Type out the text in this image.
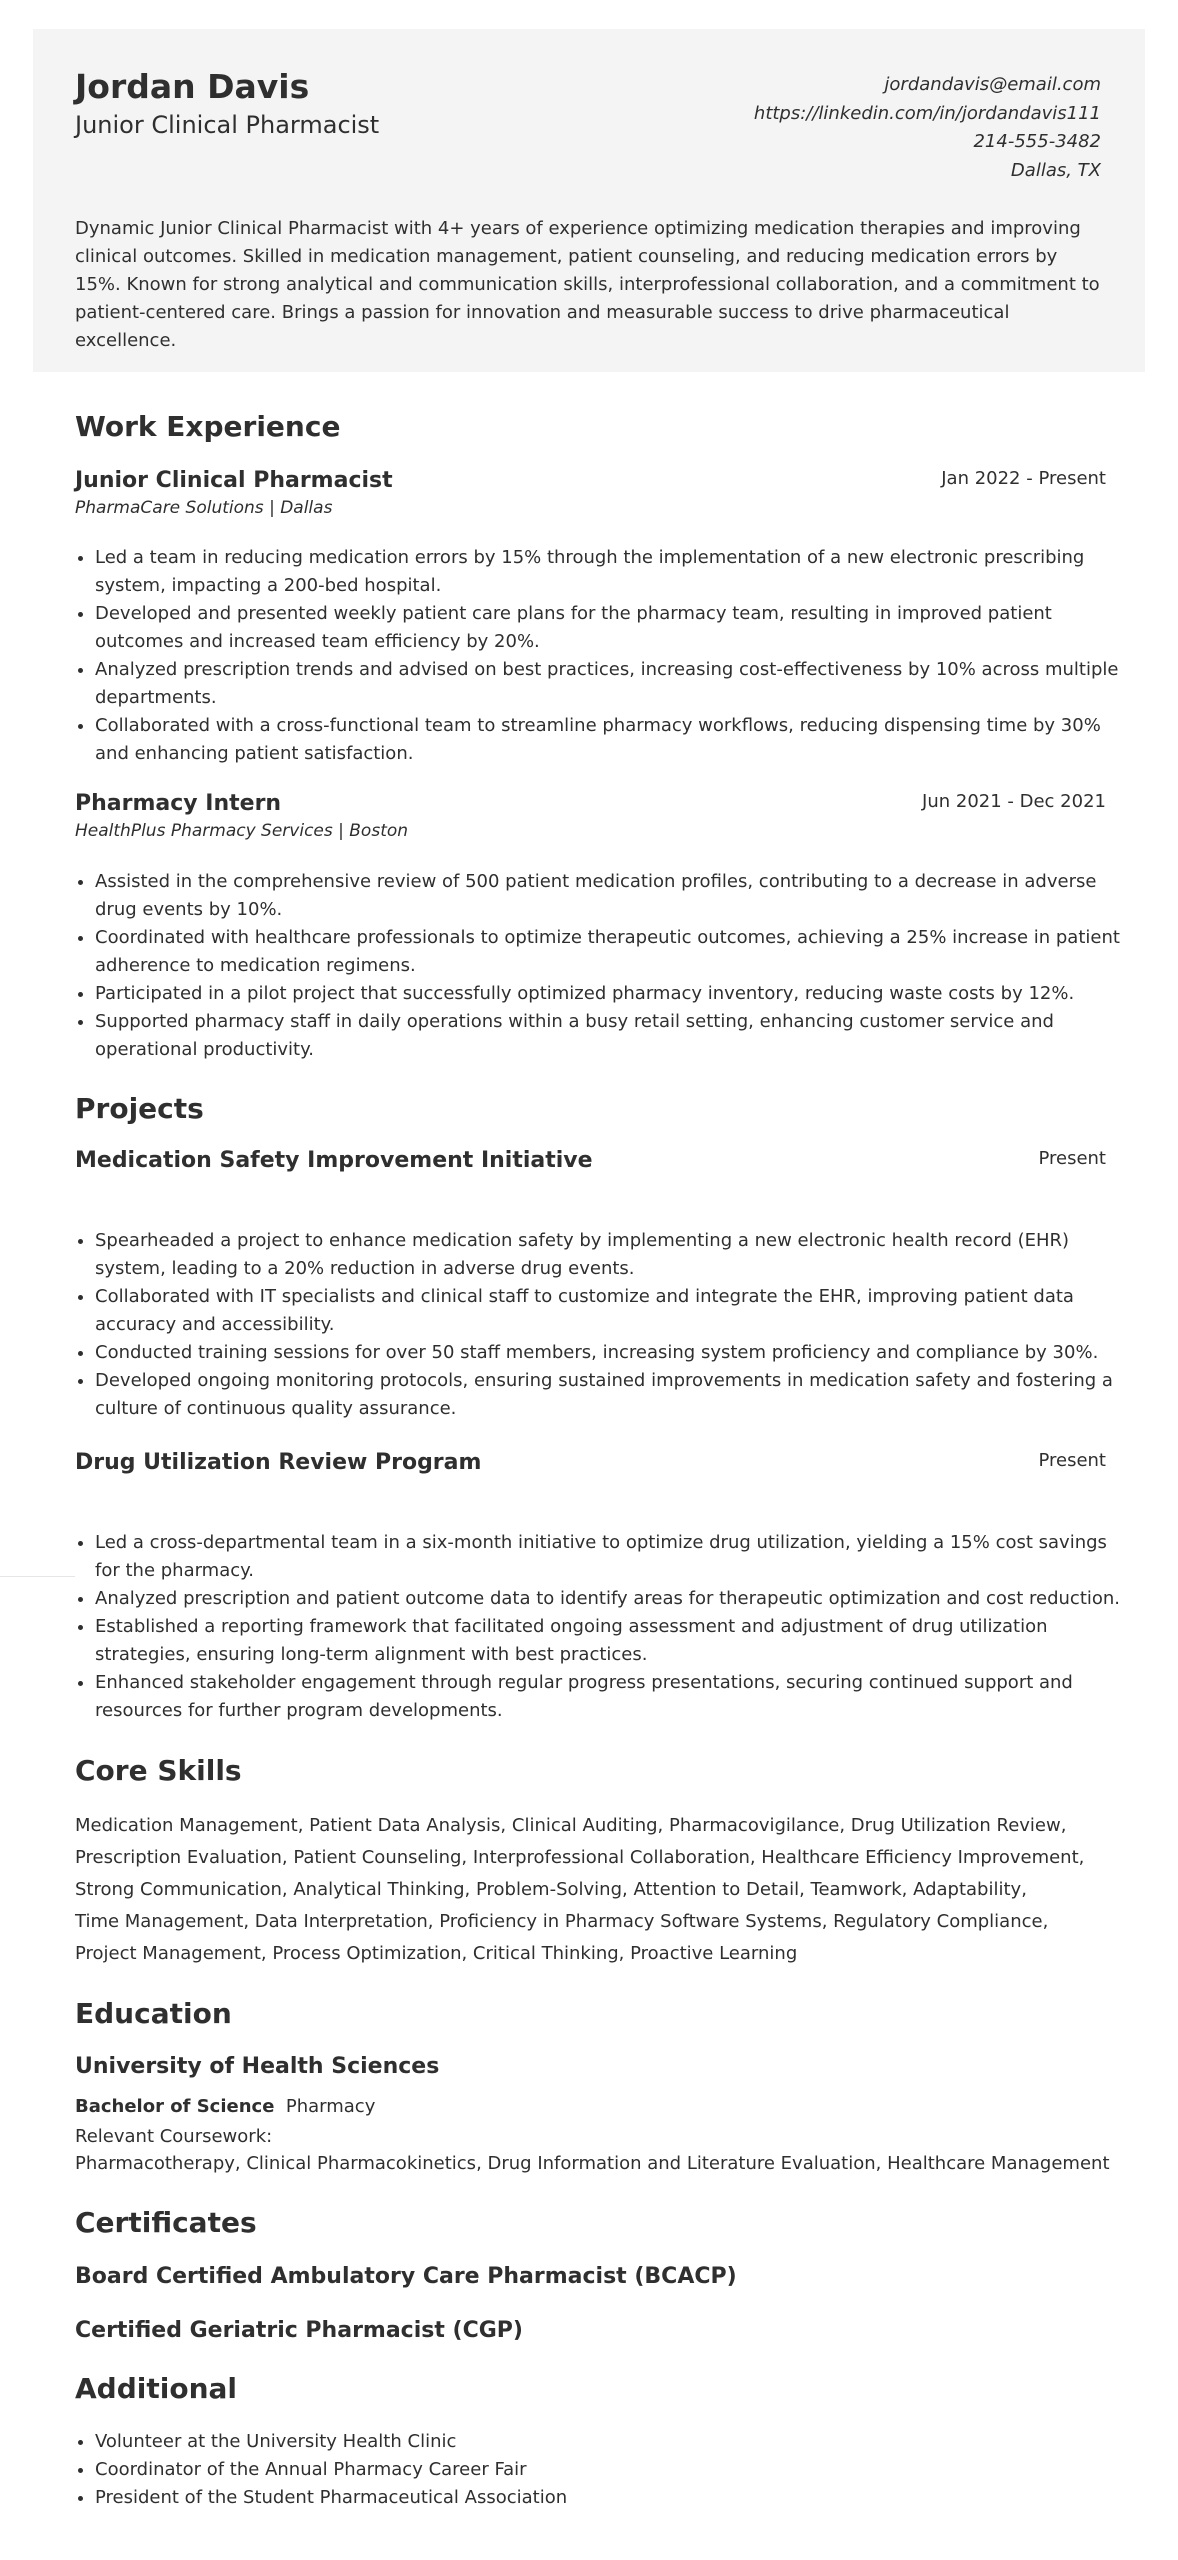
Jordan Davis
Junior Clinical Pharmacist
jordandavis@email.com
https://linkedin.com/in/jordandavis111
214-555-3482
Dallas, TX
Dynamic Junior Clinical Pharmacist with 4+ years of experience optimizing medication therapies and improving clinical outcomes. Skilled in medication management, patient counseling, and reducing medication errors by 15%. Known for strong analytical and communication skills, interprofessional collaboration, and a commitment to patient-centered care. Brings a passion for innovation and measurable success to drive pharmaceutical excellence.
Work Experience
Junior Clinical Pharmacist	Jan 2022 - Present
PharmaCare Solutions | Dallas
• Led a team in reducing medication errors by 15% through the implementation of a new electronic prescribing system, impacting a 200-bed hospital.
• Developed and presented weekly patient care plans for the pharmacy team, resulting in improved patient outcomes and increased team efficiency by 20%.
• Analyzed prescription trends and advised on best practices, increasing cost-effectiveness by 10% across multiple departments.
• Collaborated with a cross-functional team to streamline pharmacy workflows, reducing dispensing time by 30% and enhancing patient satisfaction.
Pharmacy Intern	Jun 2021 - Dec 2021
HealthPlus Pharmacy Services | Boston
• Assisted in the comprehensive review of 500 patient medication profiles, contributing to a decrease in adverse drug events by 10%.
• Coordinated with healthcare professionals to optimize therapeutic outcomes, achieving a 25% increase in patient adherence to medication regimens.
• Participated in a pilot project that successfully optimized pharmacy inventory, reducing waste costs by 12%.
• Supported pharmacy staff in daily operations within a busy retail setting, enhancing customer service and operational productivity.
Projects
Medication Safety Improvement Initiative	Present
• Spearheaded a project to enhance medication safety by implementing a new electronic health record (EHR) system, leading to a 20% reduction in adverse drug events.
• Collaborated with IT specialists and clinical staff to customize and integrate the EHR, improving patient data accuracy and accessibility.
• Conducted training sessions for over 50 staff members, increasing system proficiency and compliance by 30%.
• Developed ongoing monitoring protocols, ensuring sustained improvements in medication safety and fostering a culture of continuous quality assurance.
Drug Utilization Review Program	Present
• Led a cross-departmental team in a six-month initiative to optimize drug utilization, yielding a 15% cost savings for the pharmacy.
• Analyzed prescription and patient outcome data to identify areas for therapeutic optimization and cost reduction.
• Established a reporting framework that facilitated ongoing assessment and adjustment of drug utilization strategies, ensuring long-term alignment with best practices.
• Enhanced stakeholder engagement through regular progress presentations, securing continued support and resources for further program developments.
Core Skills
Medication Management, Patient Data Analysis, Clinical Auditing, Pharmacovigilance, Drug Utilization Review,
Prescription Evaluation, Patient Counseling, Interprofessional Collaboration, Healthcare Efficiency Improvement,
Strong Communication, Analytical Thinking, Problem-Solving, Attention to Detail, Teamwork, Adaptability,
Time Management, Data Interpretation, Proficiency in Pharmacy Software Systems, Regulatory Compliance,
Project Management, Process Optimization, Critical Thinking, Proactive Learning
Education
University of Health Sciences
Bachelor of Science Pharmacy
Relevant Coursework:
Pharmacotherapy, Clinical Pharmacokinetics, Drug Information and Literature Evaluation, Healthcare Management
Certificates
Board Certified Ambulatory Care Pharmacist (BCACP)
Certified Geriatric Pharmacist (CGP)
Additional
• Volunteer at the University Health Clinic
• Coordinator of the Annual Pharmacy Career Fair
• President of the Student Pharmaceutical Association
